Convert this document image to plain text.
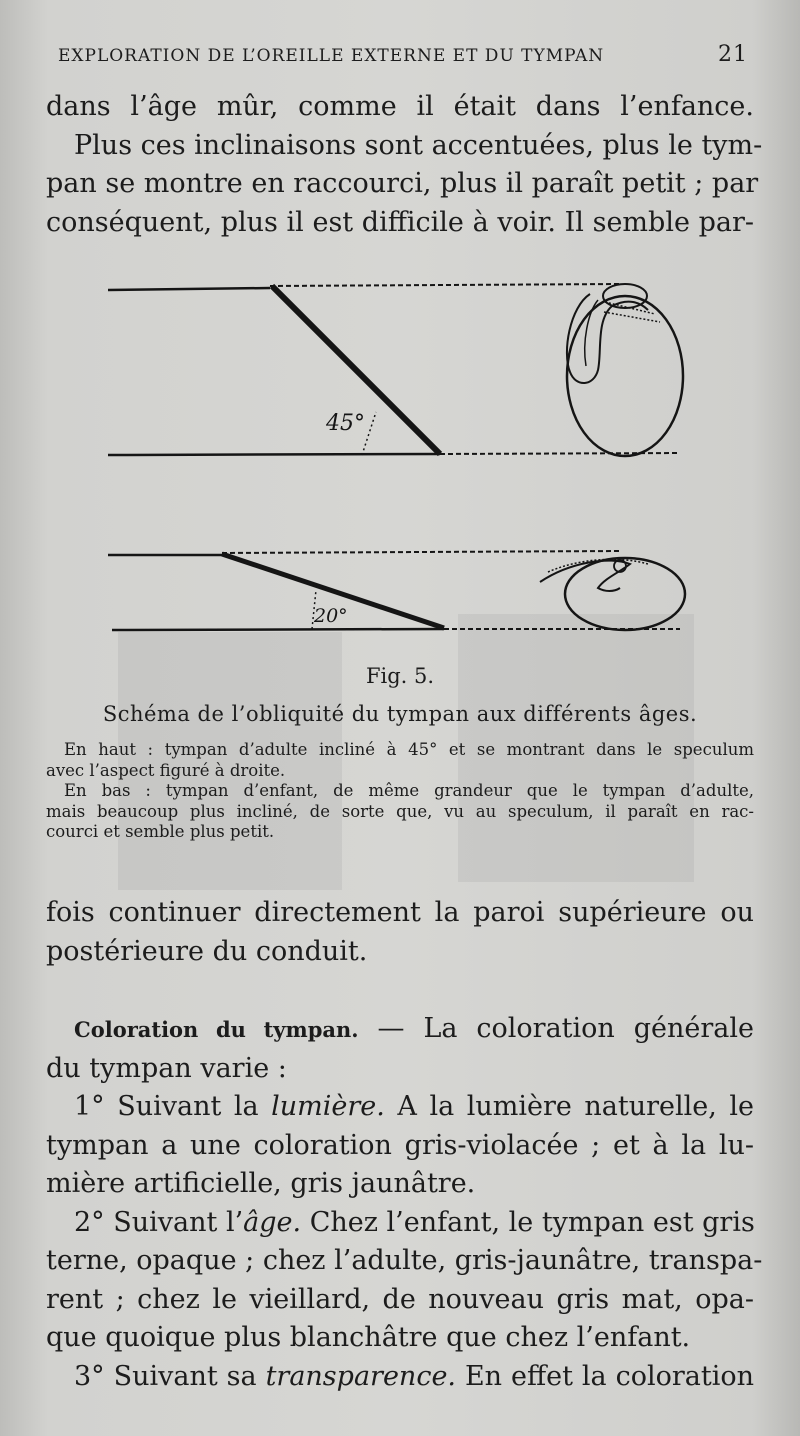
EXPLORATION DE L’OREILLE EXTERNE ET DU TYMPAN	21
dans l’âge mûr, comme il était dans l’enfance.
Plus ces inclinaisons sont accentuées, plus le tym-
pan se montre en raccourci, plus il paraît petit ; par
conséquent, plus il est difficile à voir. Il semble par-
45°
20°
Fig. 5.
Schéma de l’obliquité du tympan aux différents âges.
En haut : tympan d’adulte incliné à 45° et se montrant dans le speculum
avec l’aspect figuré à droite.
En bas : tympan d’enfant, de même grandeur que le tympan d’adulte,
mais beaucoup plus incliné, de sorte que, vu au speculum, il paraît en rac-
courci et semble plus petit.
fois continuer directement la paroi supérieure ou
postérieure du conduit.
Coloration du tympan. — La coloration générale
du tympan varie :
1° Suivant la lumière. A la lumière naturelle, le
tympan a une coloration gris-violacée ; et à la lu-
mière artificielle, gris jaunâtre.
2° Suivant l’âge. Chez l’enfant, le tympan est gris
terne, opaque ; chez l’adulte, gris-jaunâtre, transpa-
rent ; chez le vieillard, de nouveau gris mat, opa-
que quoique plus blanchâtre que chez l’enfant.
3° Suivant sa transparence. En effet la coloration
